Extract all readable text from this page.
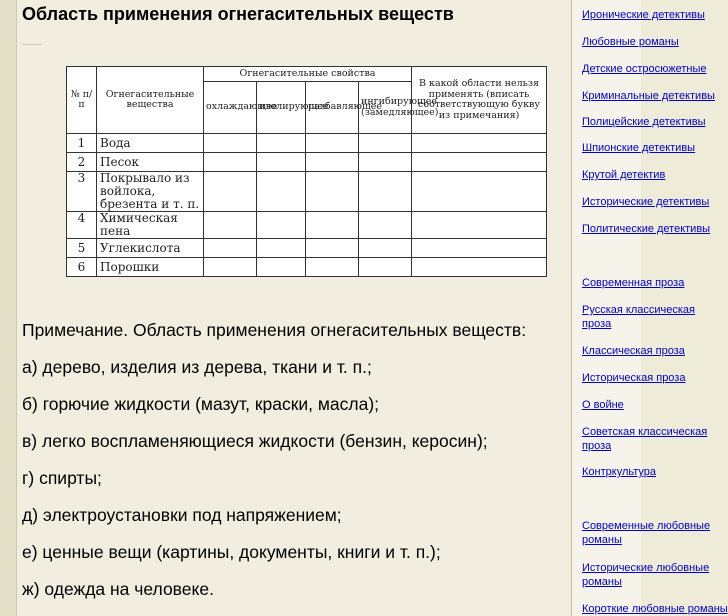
Область применения огнегасительных веществ
№ п/п	Огнегасительные вещества	Огнегасительные свойства				В какой области нельзя применять (вписать соответствующую букву из примечания)
		охлаждающее	изолирующее	разбавляющее	ингибирующее (замедляющее)	
1	Вода					
2	Песок					
3	Покрывало из войлока, брезента и т. п.					
4	Химическая пена					
5	Углекислота					
6	Порошки					

Примечание. Область применения огнегасительных веществ:

а) дерево, изделия из дерева, ткани и т. п.;

б) горючие жидкости (мазут, краски, масла);

в) легко воспламеняющиеся жидкости (бензин, керосин);

г) спирты;

д) электроустановки под напряжением;

е) ценные вещи (картины, документы, книги и т. п.);

ж) одежда на человеке.

Иронические детективы
Любовные романы
Детские остросюжетные
Криминальные детективы
Полицейские детективы
Шпионские детективы
Крутой детектив
Исторические детективы
Политические детективы
Современная проза
Русская классическая
проза
Классическая проза
Историческая проза
О войне
Советская классическая
проза
Контркультура
Современные любовные
романы
Исторические любовные
романы
Короткие любовные романы
